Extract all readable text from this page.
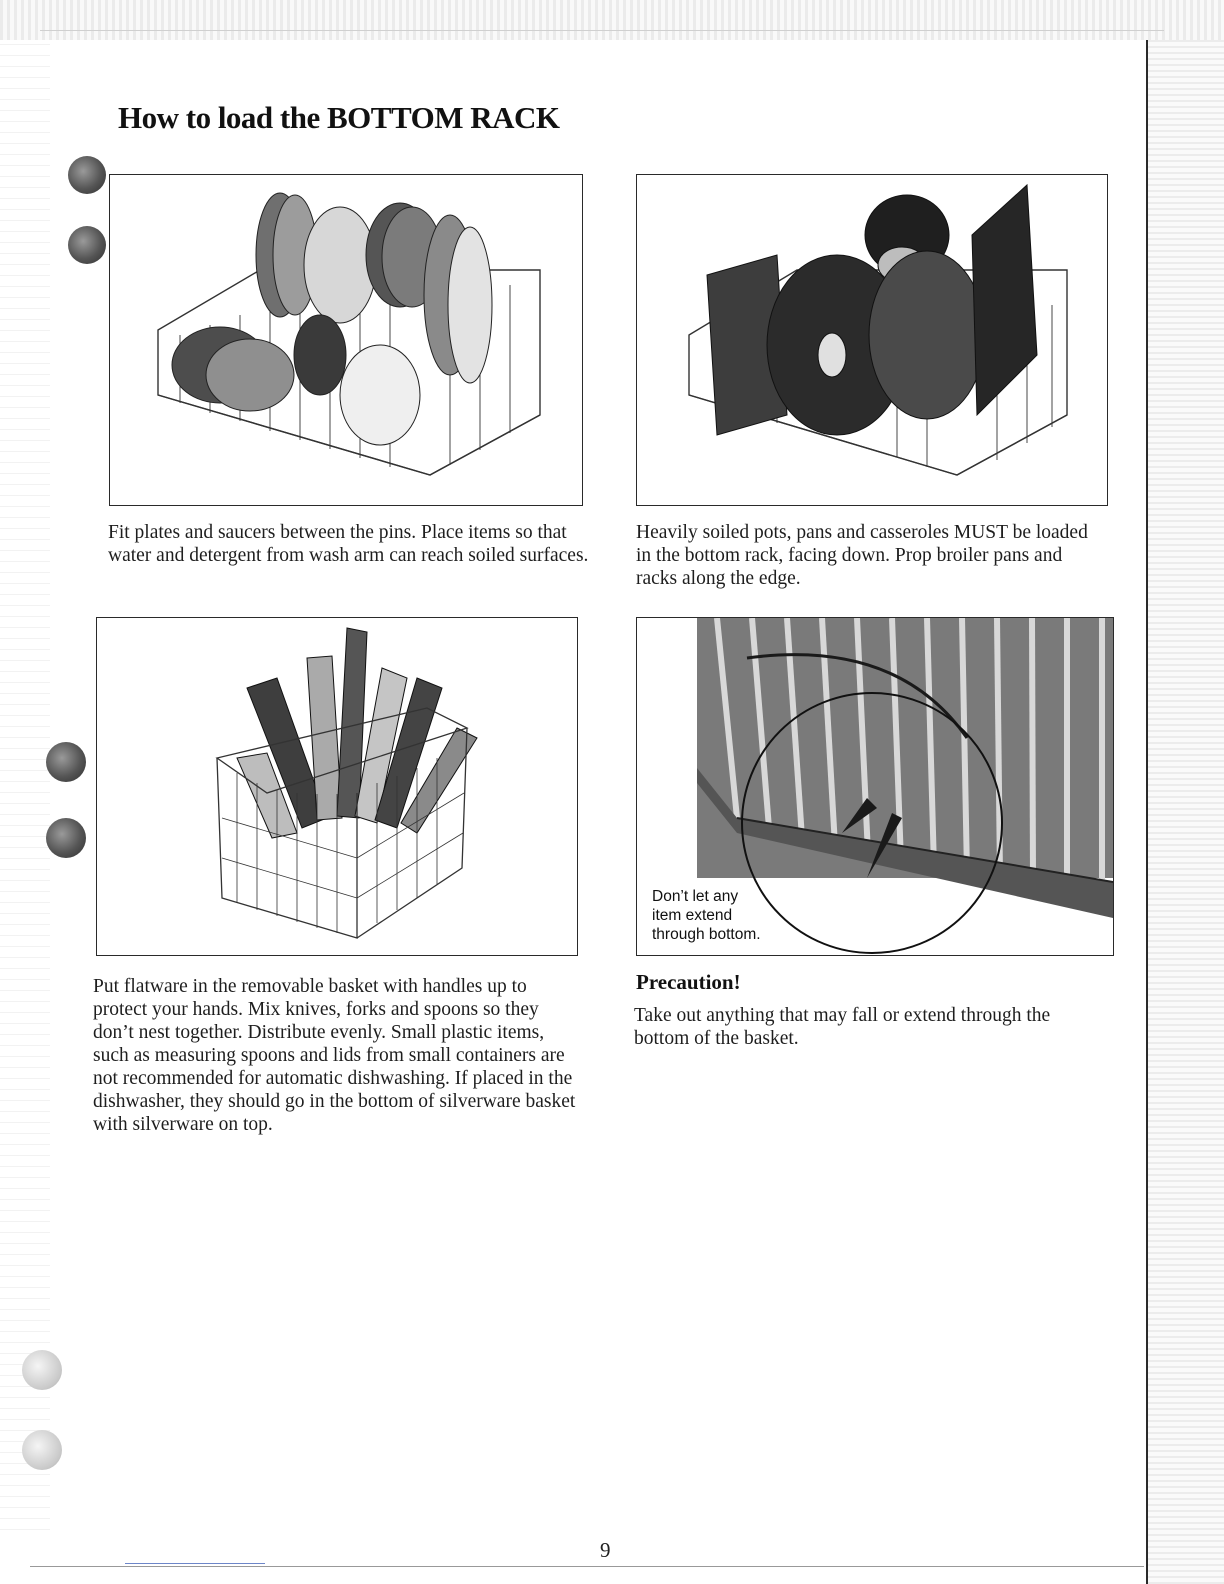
How to load the BOTTOM RACK

Fit plates and saucers between the pins. Place items so that water and detergent from wash arm can reach soiled surfaces.

Heavily soiled pots, pans and casseroles MUST be loaded in the bottom rack, facing down. Prop broiler pans and racks along the edge.

Put flatware in the removable basket with handles up to protect your hands. Mix knives, forks and spoons so they don’t nest together. Distribute evenly. Small plastic items, such as measuring spoons and lids from small containers are not recommended for automatic dishwashing. If placed in the dishwasher, they should go in the bottom of silverware basket with silverware on top.

Don’t let any
item extend
through bottom.
Precaution!

Take out anything that may fall or extend through the bottom of the basket.

9
